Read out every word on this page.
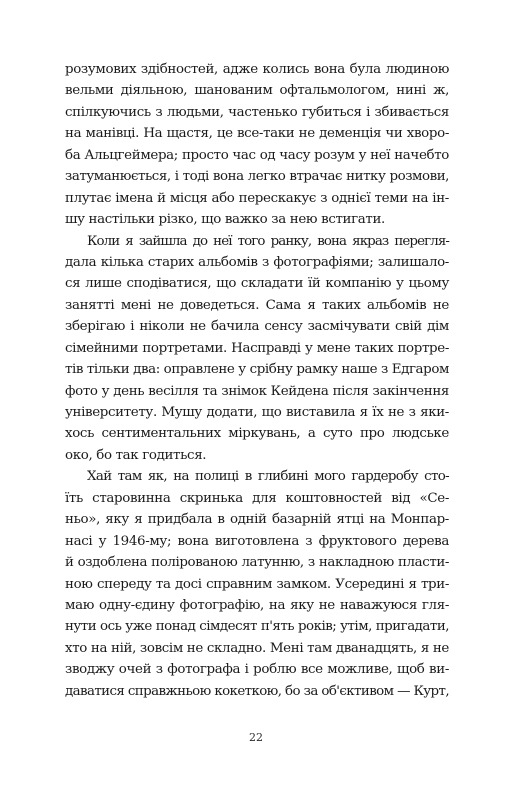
розумових здібностей, адже колись вона була людиною
вельми діяльною, шанованим офтальмологом, нині ж,
спілкуючись з людьми, частенько губиться і збивається
на манівці. На щастя, це все-таки не деменція чи хворо-
ба Альцгеймера; просто час од часу розум у неї начебто
затуманюється, і тоді вона легко втрачає нитку розмови,
плутає імена й місця або перескакує з однієї теми на ін-
шу настільки різко, що важко за нею встигати.
Коли я зайшла до неї того ранку, вона якраз перегля-
дала кілька старих альбомів з фотографіями; залишало-
ся лише сподіватися, що складати їй компанію у цьому
занятті мені не доведеться. Сама я таких альбомів не
зберігаю і ніколи не бачила сенсу засмічувати свій дім
сімейними портретами. Насправді у мене таких портре-
тів тільки два: оправлене у срібну рамку наше з Едгаром
фото у день весілля та знімок Кейдена після закінчення
університету. Мушу додати, що виставила я їх не з яки-
хось сентиментальних міркувань, а суто про людське
око, бо так годиться.
Хай там як, на полиці в глибині мого гардеробу сто-
їть старовинна скринька для коштовностей від «Се-
ньо», яку я придбала в одній базарній ятці на Монпар-
насі у 1946-му; вона виготовлена з фруктового дерева
й оздоблена полірованою латунню, з накладною пласти-
ною спереду та досі справним замком. Усередині я три-
маю одну-єдину фотографію, на яку не наважуюся гля-
нути ось уже понад сімдесят п'ять років; утім, пригадати,
хто на ній, зовсім не складно. Мені там дванадцять, я не
зводжу очей з фотографа і роблю все можливе, щоб ви-
даватися справжньою кокеткою, бо за об'єктивом — Курт,
22
